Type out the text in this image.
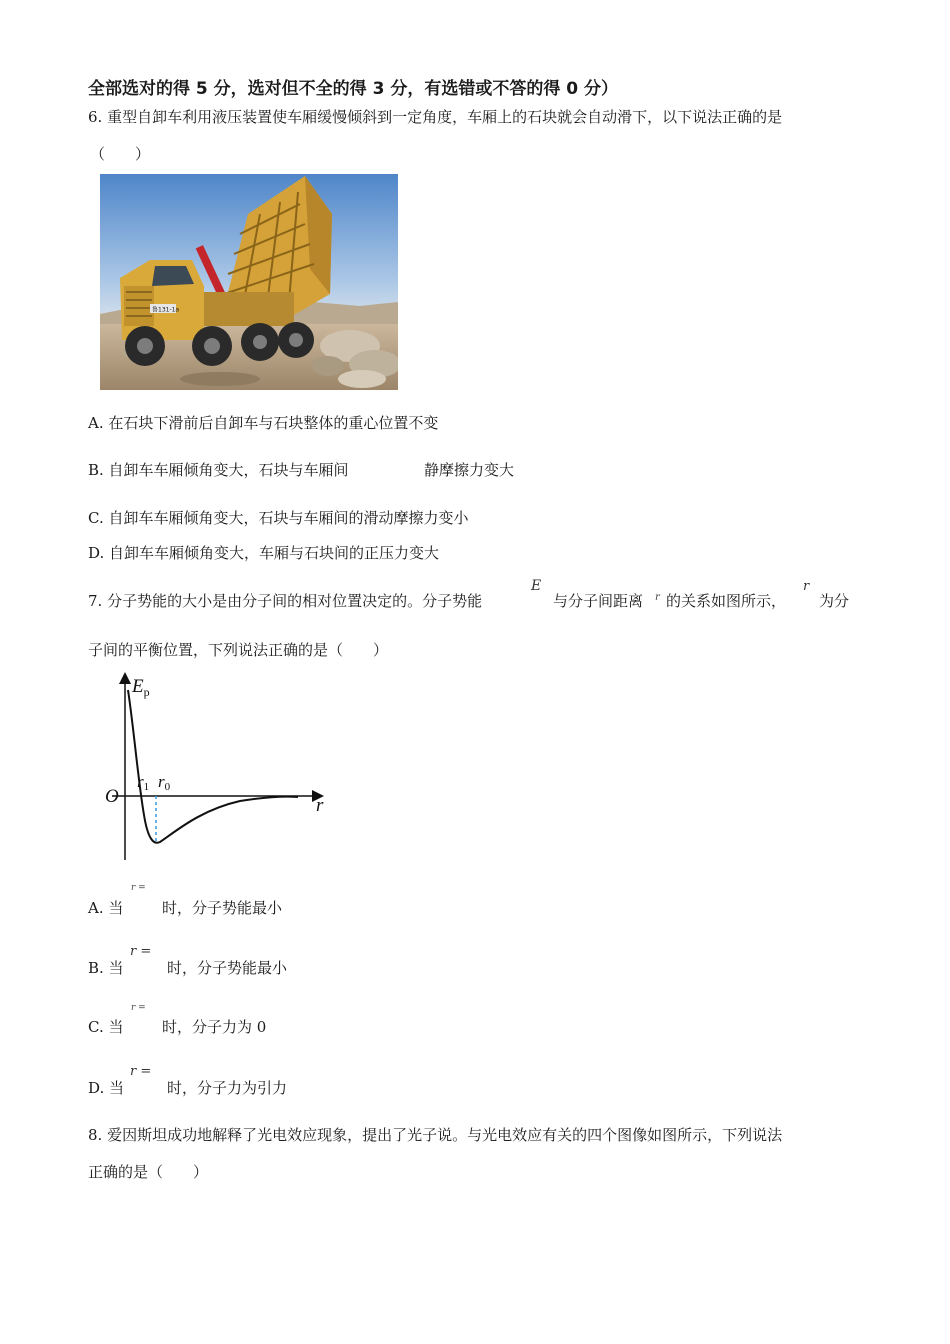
全部选对的得 5 分，选对但不全的得 3 分，有选错或不答的得 0 分）
6. 重型自卸车利用液压装置使车厢缓慢倾斜到一定角度，车厢上的石块就会自动滑下，以下说法正确的是
（　　）
鲁131-1a
A. 在石块下滑前后自卸车与石块整体的重心位置不变
B. 自卸车车厢倾角变大，石块与车厢间	静摩擦力变大
C. 自卸车车厢倾角变大，石块与车厢间的滑动摩擦力变小
D. 自卸车车厢倾角变大，车厢与石块间的正压力变大
7. 分子势能的大小是由分子间的相对位置决定的。分子势能
E
与分子间距离 r 的关系如图所示，
r
为分
子间的平衡位置，下列说法正确的是（　　）
$E_p$
r
O
r1 r0
A. 当
r =
时，分子势能最小
B. 当
r =
时，分子势能最小
C. 当
r =
时，分子力为 0
D. 当
r =
时，分子力为引力
8. 爱因斯坦成功地解释了光电效应现象，提出了光子说。与光电效应有关的四个图像如图所示，下列说法
正确的是（　　）
